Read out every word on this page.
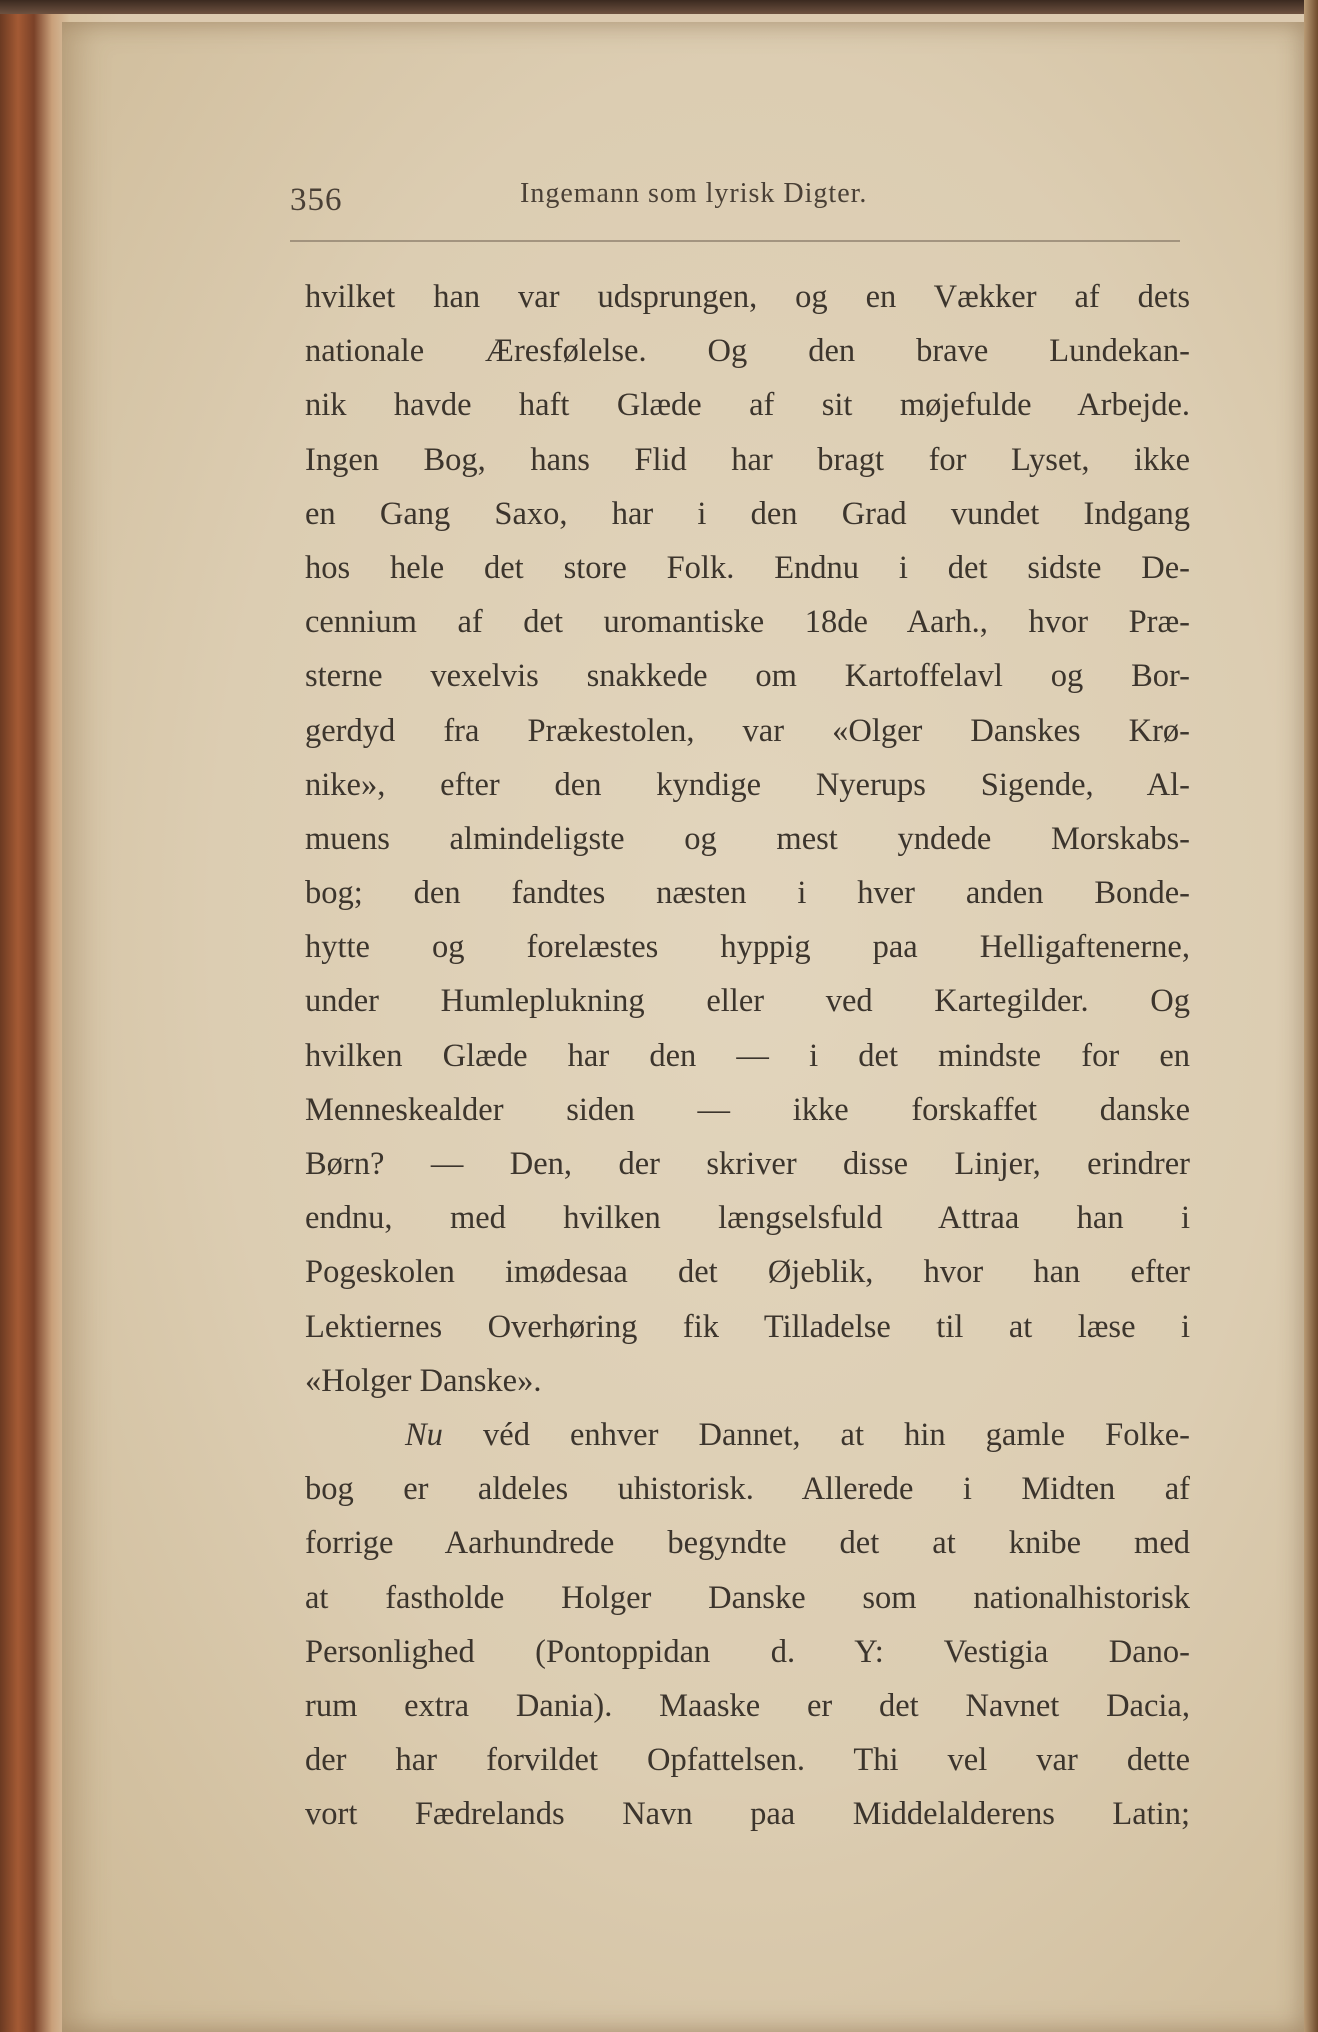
356	Ingemann som lyrisk Digter.
hvilket han var udsprungen, og en Vækker af dets
nationale Æresfølelse. Og den brave Lundekan-
nik havde haft Glæde af sit møjefulde Arbejde.
Ingen Bog, hans Flid har bragt for Lyset, ikke
en Gang Saxo, har i den Grad vundet Indgang
hos hele det store Folk. Endnu i det sidste De-
cennium af det uromantiske 18de Aarh., hvor Præ-
sterne vexelvis snakkede om Kartoffelavl og Bor-
gerdyd fra Prækestolen, var «Olger Danskes Krø-
nike», efter den kyndige Nyerups Sigende, Al-
muens almindeligste og mest yndede Morskabs-
bog; den fandtes næsten i hver anden Bonde-
hytte og forelæstes hyppig paa Helligaftenerne,
under Humleplukning eller ved Kartegilder. Og
hvilken Glæde har den — i det mindste for en
Menneskealder siden — ikke forskaffet danske
Børn? — Den, der skriver disse Linjer, erindrer
endnu, med hvilken længselsfuld Attraa han i
Pogeskolen imødesaa det Øjeblik, hvor han efter
Lektiernes Overhøring fik Tilladelse til at læse i
«Holger Danske».
Nu véd enhver Dannet, at hin gamle Folke-
bog er aldeles uhistorisk. Allerede i Midten af
forrige Aarhundrede begyndte det at knibe med
at fastholde Holger Danske som nationalhistorisk
Personlighed (Pontoppidan d. Y: Vestigia Dano-
rum extra Dania). Maaske er det Navnet Dacia,
der har forvildet Opfattelsen. Thi vel var dette
vort Fædrelands Navn paa Middelalderens Latin;
